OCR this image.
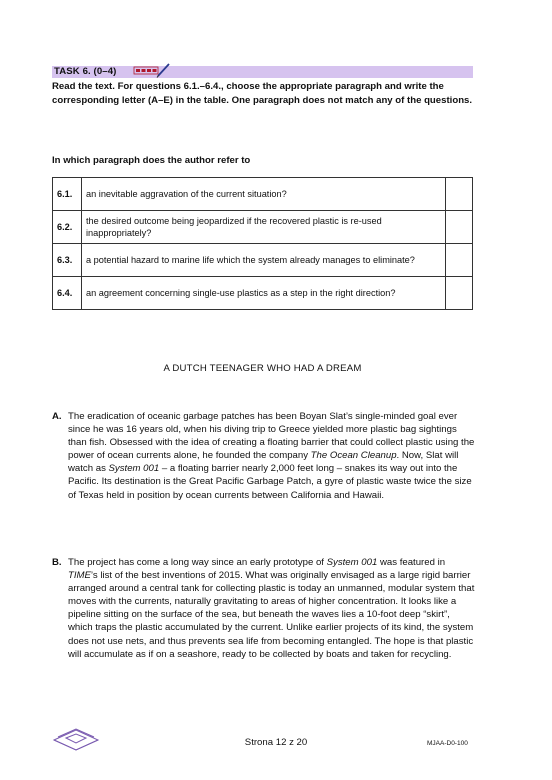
TASK 6. (0–4)
Read the text. For questions 6.1.–6.4., choose the appropriate paragraph and write the corresponding letter (A–E) in the table. One paragraph does not match any of the questions.
In which paragraph does the author refer to
6.1.	an inevitable aggravation of the current situation?	
6.2.	the desired outcome being jeopardized if the recovered plastic is re-used inappropriately?	
6.3.	a potential hazard to marine life which the system already manages to eliminate?	
6.4.	an agreement concerning single-use plastics as a step in the right direction?	
A DUTCH TEENAGER WHO HAD A DREAM
A. The eradication of oceanic garbage patches has been Boyan Slat’s single-minded goal ever since he was 16 years old, when his diving trip to Greece yielded more plastic bag sightings than fish. Obsessed with the idea of creating a floating barrier that could collect plastic using the power of ocean currents alone, he founded the company The Ocean Cleanup. Now, Slat will watch as System 001 – a floating barrier nearly 2,000 feet long – snakes its way out into the Pacific. Its destination is the Great Pacific Garbage Patch, a gyre of plastic waste twice the size of Texas held in position by ocean currents between California and Hawaii.
B. The project has come a long way since an early prototype of System 001 was featured in TIME’s list of the best inventions of 2015. What was originally envisaged as a large rigid barrier arranged around a central tank for collecting plastic is today an unmanned, modular system that moves with the currents, naturally gravitating to areas of higher concentration. It looks like a pipeline sitting on the surface of the sea, but beneath the waves lies a 10-foot deep “skirt”, which traps the plastic accumulated by the current. Unlike earlier projects of its kind, the system does not use nets, and thus prevents sea life from becoming entangled. The hope is that plastic will accumulate as if on a seashore, ready to be collected by boats and taken for recycling.
Strona 12 z 20	MJAA-D0-100
